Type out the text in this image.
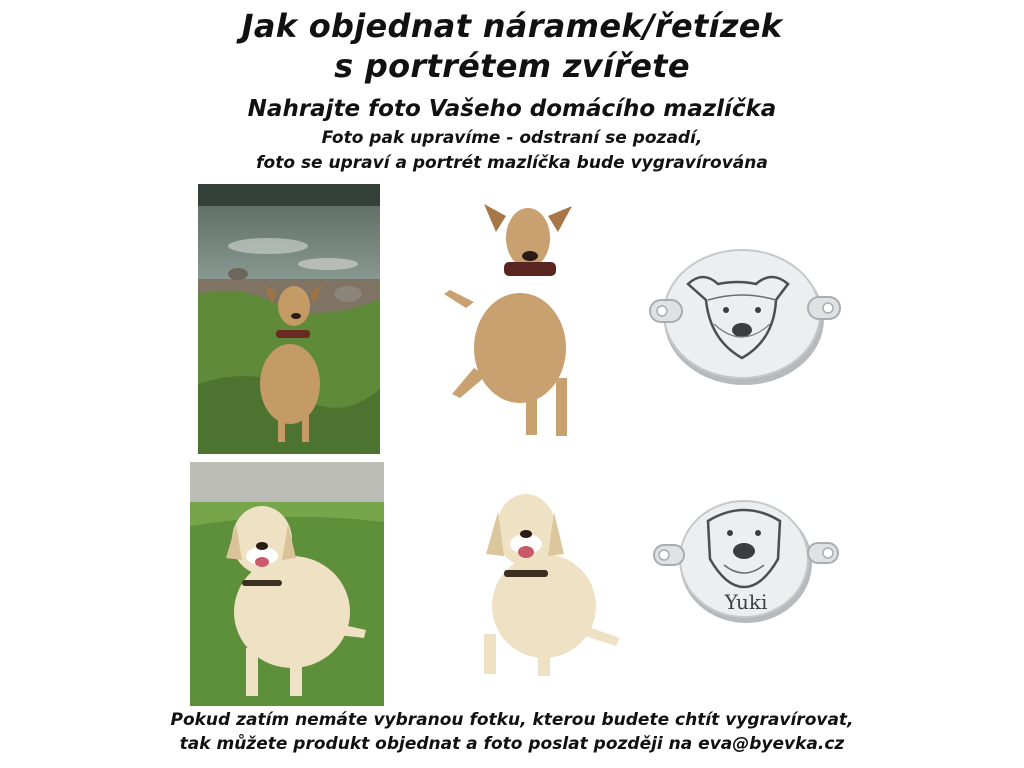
Jak objednat náramek/řetízek
s portrétem zvířete
Nahrajte foto Vašeho domácího mazlíčka
Foto pak upravíme - odstraní se pozadí,
foto se upraví a portrét mazlíčka bude vygravírována
Yuki
Pokud zatím nemáte vybranou fotku, kterou budete chtít vygravírovat,
tak můžete produkt objednat a foto poslat později na eva@byevka.cz
